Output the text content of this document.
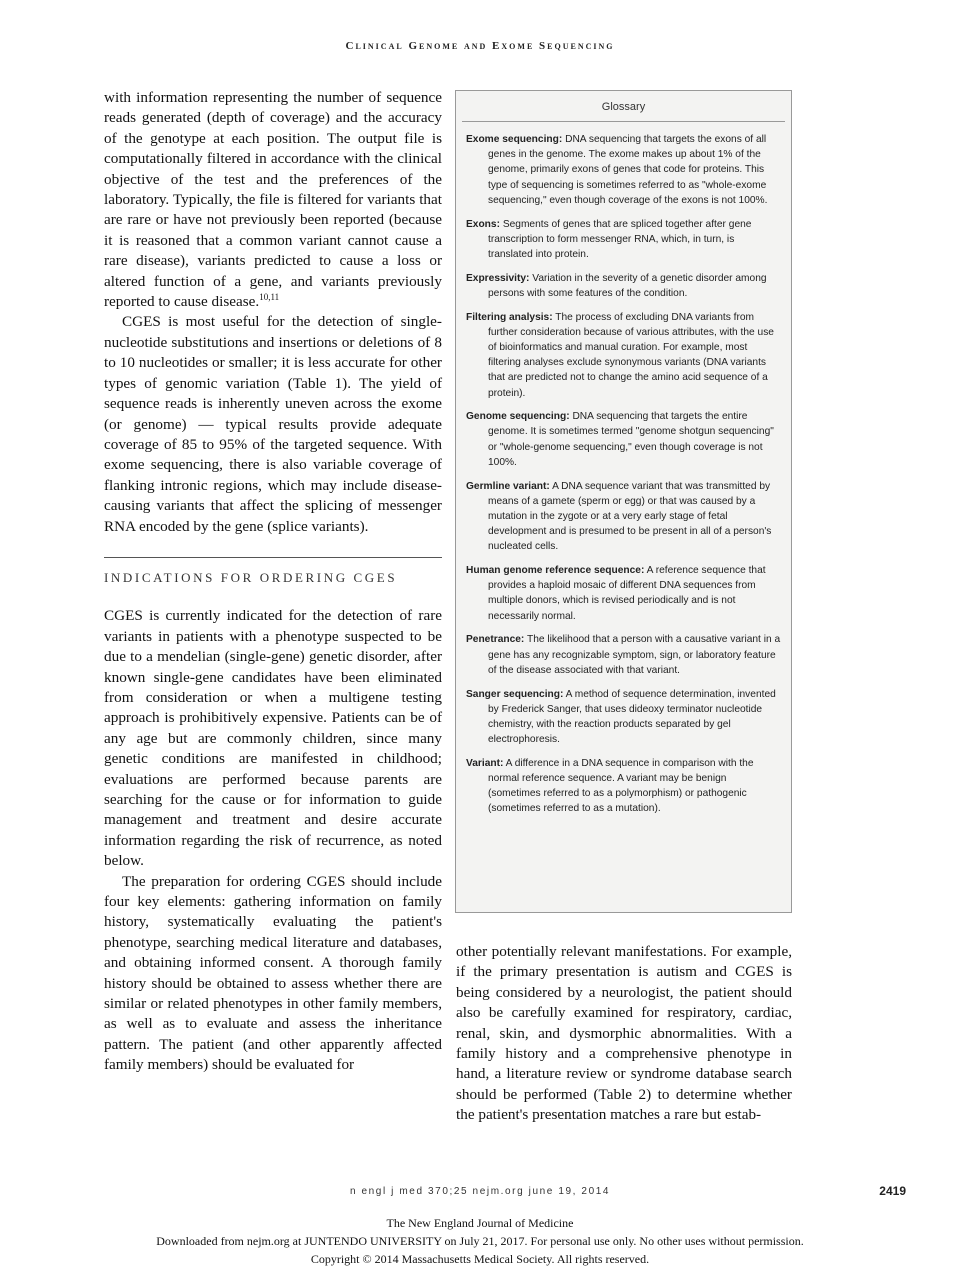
Clinical Genome and Exome Sequencing

with information representing the number of sequence reads generated (depth of coverage) and the accuracy of the genotype at each position. The output file is computationally filtered in accordance with the clinical objective of the test and the preferences of the laboratory. Typically, the file is filtered for variants that are rare or have not previously been reported (because it is reasoned that a common variant cannot cause a rare disease), variants predicted to cause a loss or altered function of a gene, and variants previously reported to cause disease.$^{10,11}$

CGES is most useful for the detection of single-nucleotide substitutions and insertions or deletions of 8 to 10 nucleotides or smaller; it is less accurate for other types of genomic variation (Table 1). The yield of sequence reads is inherently uneven across the exome (or genome) — typical results provide adequate coverage of 85 to 95% of the targeted sequence. With exome sequencing, there is also variable coverage of flanking intronic regions, which may include disease-causing variants that affect the splicing of messenger RNA encoded by the gene (splice variants).

INDICATIONS FOR ORDERING CGES

CGES is currently indicated for the detection of rare variants in patients with a phenotype suspected to be due to a mendelian (single-gene) genetic disorder, after known single-gene candidates have been eliminated from consideration or when a multigene testing approach is prohibitively expensive. Patients can be of any age but are commonly children, since many genetic conditions are manifested in childhood; evaluations are performed because parents are searching for the cause or for information to guide management and treatment and desire accurate information regarding the risk of recurrence, as noted below.

The preparation for ordering CGES should include four key elements: gathering information on family history, systematically evaluating the patient's phenotype, searching medical literature and databases, and obtaining informed consent. A thorough family history should be obtained to assess whether there are similar or related phenotypes in other family members, as well as to evaluate and assess the inheritance pattern. The patient (and other apparently affected family members) should be evaluated for

Glossary
Exome sequencing: DNA sequencing that targets the exons of all genes in the genome. The exome makes up about 1% of the genome, primarily exons of genes that code for proteins. This type of sequencing is sometimes referred to as "whole-exome sequencing," even though coverage of the exons is not 100%.
Exons: Segments of genes that are spliced together after gene transcription to form messenger RNA, which, in turn, is translated into protein.
Expressivity: Variation in the severity of a genetic disorder among persons with some features of the condition.
Filtering analysis: The process of excluding DNA variants from further consideration because of various attributes, with the use of bioinformatics and manual curation. For example, most filtering analyses exclude synonymous variants (DNA variants that are predicted not to change the amino acid sequence of a protein).
Genome sequencing: DNA sequencing that targets the entire genome. It is sometimes termed "genome shotgun sequencing" or "whole-genome sequencing," even though coverage is not 100%.
Germline variant: A DNA sequence variant that was transmitted by means of a gamete (sperm or egg) or that was caused by a mutation in the zygote or at a very early stage of fetal development and is presumed to be present in all of a person's nucleated cells.
Human genome reference sequence: A reference sequence that provides a haploid mosaic of different DNA sequences from multiple donors, which is revised periodically and is not necessarily normal.
Penetrance: The likelihood that a person with a causative variant in a gene has any recognizable symptom, sign, or laboratory feature of the disease associated with that variant.
Sanger sequencing: A method of sequence determination, invented by Frederick Sanger, that uses dideoxy terminator nucleotide chemistry, with the reaction products separated by gel electrophoresis.
Variant: A difference in a DNA sequence in comparison with the normal reference sequence. A variant may be benign (sometimes referred to as a polymorphism) or pathogenic (sometimes referred to as a mutation).

other potentially relevant manifestations. For example, if the primary presentation is autism and CGES is being considered by a neurologist, the patient should also be carefully examined for respiratory, cardiac, renal, skin, and dysmorphic abnormalities. With a family history and a comprehensive phenotype in hand, a literature review or syndrome database search should be performed (Table 2) to determine whether the patient's presentation matches a rare but estab-

n engl j med 370;25 nejm.org june 19, 2014	2419
The New England Journal of Medicine
Downloaded from nejm.org at JUNTENDO UNIVERSITY on July 21, 2017. For personal use only. No other uses without permission.
Copyright © 2014 Massachusetts Medical Society. All rights reserved.
